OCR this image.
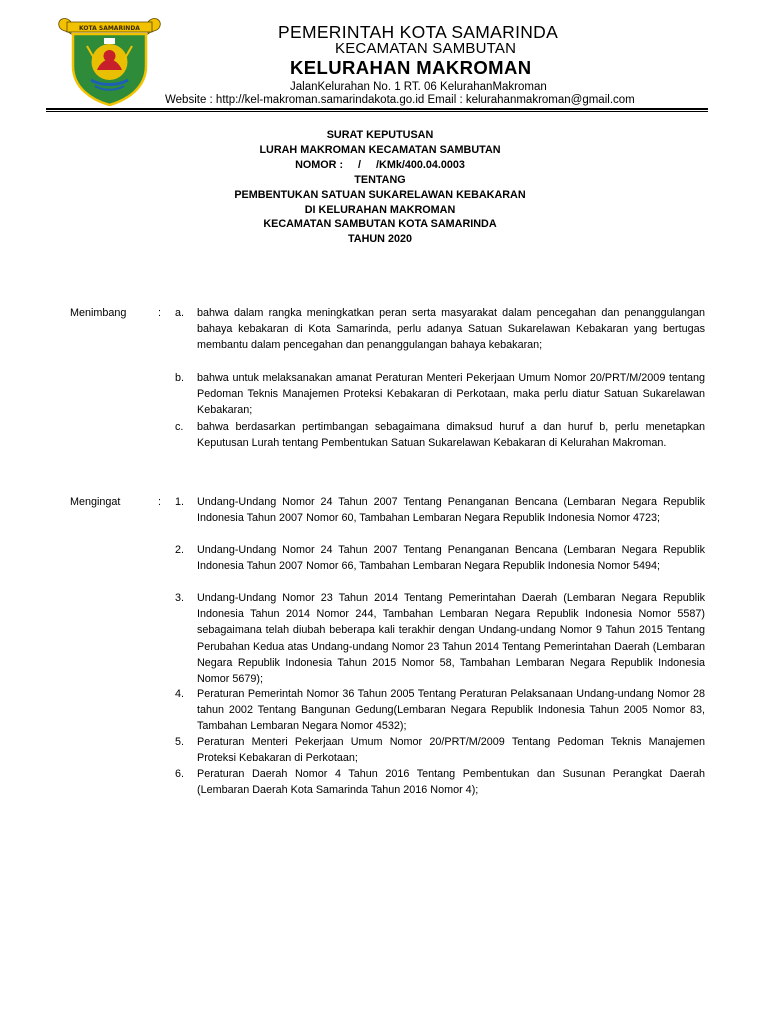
KOTA SAMARINDA	PEMERINTAH KOTA SAMARINDA
KECAMATAN SAMBUTAN
KELURAHAN MAKROMAN
JalanKelurahan No. 1 RT. 06 KelurahanMakroman
Website : http://kel-makroman.samarindakota.go.id Email : kelurahanmakroman@gmail.com
SURAT KEPUTUSAN
LURAH MAKROMAN KECAMATAN SAMBUTAN
NOMOR :     /     /KMk/400.04.0003
TENTANG
PEMBENTUKAN SATUAN SUKARELAWAN KEBAKARAN
DI KELURAHAN MAKROMAN
KECAMATAN SAMBUTAN KOTA SAMARINDA
TAHUN 2020
Menimbang	: a. bahwa dalam rangka meningkatkan peran serta masyarakat dalam pencegahan dan penanggulangan bahaya kebakaran di Kota Samarinda, perlu adanya Satuan Sukarelawan Kebakaran yang bertugas membantu dalam pencegahan dan penanggulangan bahaya kebakaran;
b. bahwa untuk melaksanakan amanat Peraturan Menteri Pekerjaan Umum Nomor 20/PRT/M/2009 tentang Pedoman Teknis Manajemen Proteksi Kebakaran di Perkotaan, maka perlu diatur Satuan Sukarelawan Kebakaran;
c. bahwa berdasarkan pertimbangan sebagaimana dimaksud huruf a dan huruf b, perlu menetapkan Keputusan Lurah tentang Pembentukan Satuan Sukarelawan Kebakaran di Kelurahan Makroman.
Mengingat	: 1. Undang-Undang Nomor 24 Tahun 2007 Tentang Penanganan Bencana (Lembaran Negara Republik Indonesia Tahun 2007 Nomor 60, Tambahan Lembaran Negara Republik Indonesia Nomor 4723;
2. Undang-Undang Nomor 24 Tahun 2007 Tentang Penanganan Bencana (Lembaran Negara Republik Indonesia Tahun 2007 Nomor 66, Tambahan Lembaran Negara Republik Indonesia Nomor 5494;
3. Undang-Undang Nomor 23 Tahun 2014 Tentang Pemerintahan Daerah (Lembaran Negara Republik Indonesia Tahun 2014 Nomor 244, Tambahan Lembaran Negara Republik Indonesia Nomor 5587) sebagaimana telah diubah beberapa kali terakhir dengan Undang-undang Nomor 9 Tahun 2015 Tentang Perubahan Kedua atas Undang-undang Nomor 23 Tahun 2014 Tentang Pemerintahan Daerah (Lembaran Negara Republik Indonesia Tahun 2015 Nomor 58, Tambahan Lembaran Negara Republik Indonesia Nomor 5679);
4. Peraturan Pemerintah Nomor 36 Tahun 2005 Tentang Peraturan Pelaksanaan Undang-undang Nomor 28 tahun 2002 Tentang Bangunan Gedung(Lembaran Negara Republik Indonesia Tahun 2005 Nomor 83, Tambahan Lembaran Negara Nomor 4532);
5. Peraturan Menteri Pekerjaan Umum Nomor 20/PRT/M/2009 Tentang Pedoman Teknis Manajemen Proteksi Kebakaran di Perkotaan;
6. Peraturan Daerah Nomor 4 Tahun 2016 Tentang Pembentukan dan Susunan Perangkat Daerah (Lembaran Daerah Kota Samarinda Tahun 2016 Nomor 4);
